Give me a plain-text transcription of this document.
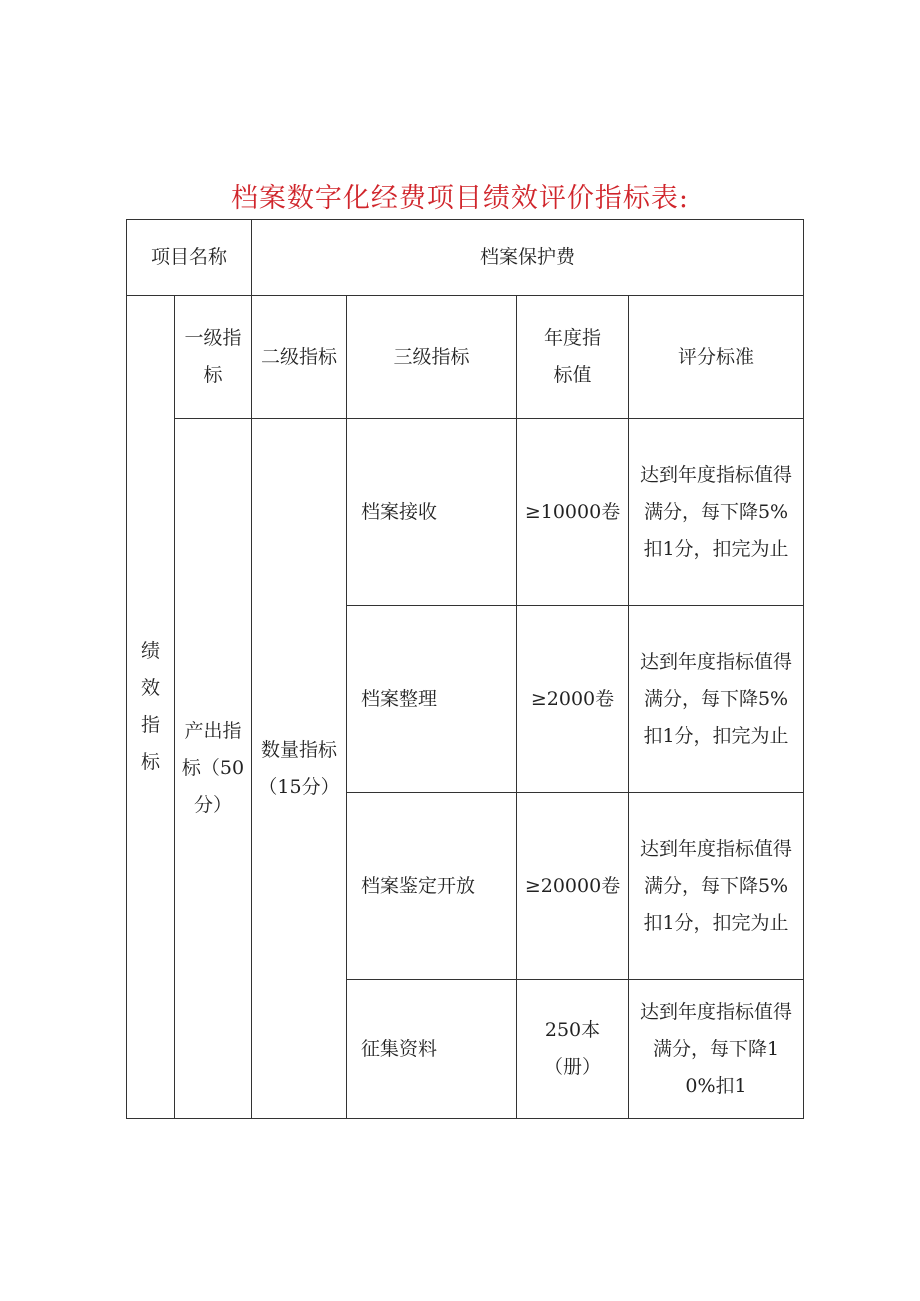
档案数字化经费项目绩效评价指标表:
项目名称		档案保护费			

绩效指标	一级指标	二级指标	三级指标	年度指标值	评分标准

	产出指标（50分）	数量指标（15分）	档案接收	≥10000卷	达到年度指标值得满分，每下降5%扣1分，扣完为止

			档案整理	≥2000卷	达到年度指标值得满分，每下降5%扣1分，扣完为止

			档案鉴定开放	≥20000卷	达到年度指标值得满分，每下降5%扣1分，扣完为止

			征集资料	250本（册）	达到年度指标值得满分，每下降10%扣1
